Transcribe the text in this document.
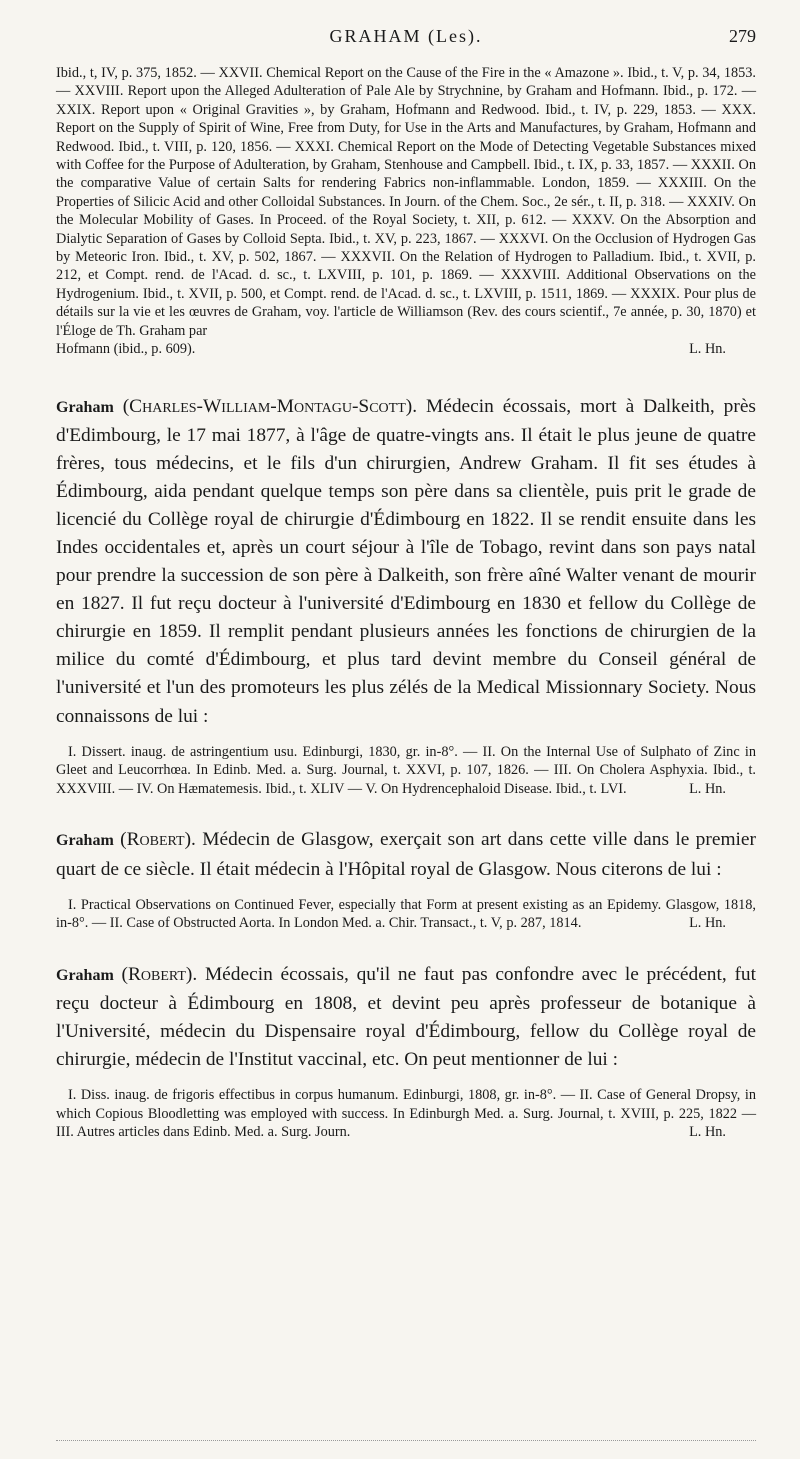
GRAHAM (Les).	279

Ibid., t, IV, p. 375, 1852. — XXVII. Chemical Report on the Cause of the Fire in the « Amazone ». Ibid., t. V, p. 34, 1853. — XXVIII. Report upon the Alleged Adulteration of Pale Ale by Strychnine, by Graham and Hofmann. Ibid., p. 172. — XXIX. Report upon « Original Gravities », by Graham, Hofmann and Redwood. Ibid., t. IV, p. 229, 1853. — XXX. Report on the Supply of Spirit of Wine, Free from Duty, for Use in the Arts and Manufactures, by Graham, Hofmann and Redwood. Ibid., t. VIII, p. 120, 1856. — XXXI. Chemical Report on the Mode of Detecting Vegetable Substances mixed with Coffee for the Purpose of Adulteration, by Graham, Stenhouse and Campbell. Ibid., t. IX, p. 33, 1857. — XXXII. On the comparative Value of certain Salts for rendering Fabrics non-inflammable. London, 1859. — XXXIII. On the Properties of Silicic Acid and other Colloidal Substances. In Journ. of the Chem. Soc., 2e sér., t. II, p. 318. — XXXIV. On the Molecular Mobility of Gases. In Proceed. of the Royal Society, t. XII, p. 612. — XXXV. On the Absorption and Dialytic Separation of Gases by Colloid Septa. Ibid., t. XV, p. 223, 1867. — XXXVI. On the Occlusion of Hydrogen Gas by Meteoric Iron. Ibid., t. XV, p. 502, 1867. — XXXVII. On the Relation of Hydrogen to Palladium. Ibid., t. XVII, p. 212, et Compt. rend. de l'Acad. d. sc., t. LXVIII, p. 101, p. 1869. — XXXVIII. Additional Observations on the Hydrogenium. Ibid., t. XVII, p. 500, et Compt. rend. de l'Acad. d. sc., t. LXVIII, p. 1511, 1869. — XXXIX. Pour plus de détails sur la vie et les œuvres de Graham, voy. l'article de Williamson (Rev. des cours scientif., 7e année, p. 30, 1870) et l'Éloge de Th. Graham par

Hofmann (ibid., p. 609).	L. Hn.

Graham (Charles-William-Montagu-Scott). Médecin écossais, mort à Dalkeith, près d'Edimbourg, le 17 mai 1877, à l'âge de quatre-vingts ans. Il était le plus jeune de quatre frères, tous médecins, et le fils d'un chirurgien, Andrew Graham. Il fit ses études à Édimbourg, aida pendant quelque temps son père dans sa clientèle, puis prit le grade de licencié du Collège royal de chirurgie d'Édimbourg en 1822. Il se rendit ensuite dans les Indes occidentales et, après un court séjour à l'île de Tobago, revint dans son pays natal pour prendre la succession de son père à Dalkeith, son frère aîné Walter venant de mourir en 1827. Il fut reçu docteur à l'université d'Edimbourg en 1830 et fellow du Collège de chirurgie en 1859. Il remplit pendant plusieurs années les fonctions de chirurgien de la milice du comté d'Édimbourg, et plus tard devint membre du Conseil général de l'université et l'un des promoteurs les plus zélés de la Medical Missionnary Society. Nous connaissons de lui :

I. Dissert. inaug. de astringentium usu. Edinburgi, 1830, gr. in-8°. — II. On the Internal Use of Sulphato of Zinc in Gleet and Leucorrhœa. In Edinb. Med. a. Surg. Journal, t. XXVI, p. 107, 1826. — III. On Cholera Asphyxia. Ibid., t. XXXVIII. — IV. On Hæmatemesis. Ibid., t. XLIV — V. On Hydrencephaloid Disease. Ibid., t. LVI.	L. Hn.

Graham (Robert). Médecin de Glasgow, exerçait son art dans cette ville dans le premier quart de ce siècle. Il était médecin à l'Hôpital royal de Glasgow. Nous citerons de lui :

I. Practical Observations on Continued Fever, especially that Form at present existing as an Epidemy. Glasgow, 1818, in-8°. — II. Case of Obstructed Aorta. In London Med. a. Chir. Transact., t. V, p. 287, 1814.	L. Hn.

Graham (Robert). Médecin écossais, qu'il ne faut pas confondre avec le précédent, fut reçu docteur à Édimbourg en 1808, et devint peu après professeur de botanique à l'Université, médecin du Dispensaire royal d'Édimbourg, fellow du Collège royal de chirurgie, médecin de l'Institut vaccinal, etc. On peut mentionner de lui :

I. Diss. inaug. de frigoris effectibus in corpus humanum. Edinburgi, 1808, gr. in-8°. — II. Case of General Dropsy, in which Copious Bloodletting was employed with success. In Edinburgh Med. a. Surg. Journal, t. XVIII, p. 225, 1822 — III. Autres articles dans Edinb. Med. a. Surg. Journ.	L. Hn.
